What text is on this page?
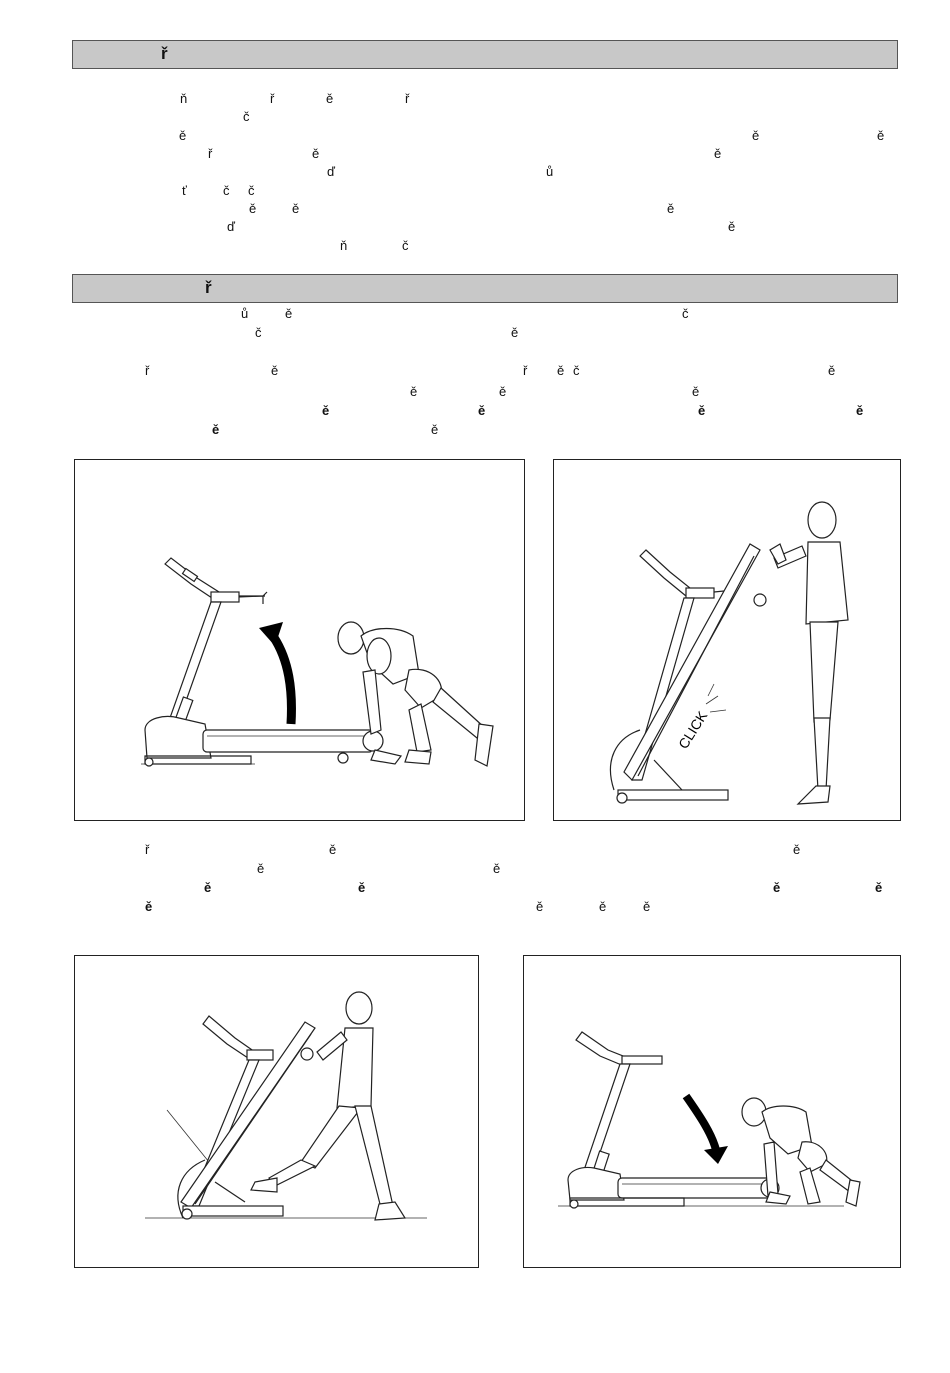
ř
ň	ř	ě	ř
č
ě	ě	ě
ř	ě	ě
ď	ů
ť	č č
ě	ě	ě
ď	ě
ň	č
ř
ů	ě	č
č	ě
ř	ě	ř ě č	ě
ě	ě	ě
ě	ě	ě	ě
ě	ě
CLICK
ř	ě	ě
ě	ě
ě	ě	ě	ě
ě	ě	ě	ě
